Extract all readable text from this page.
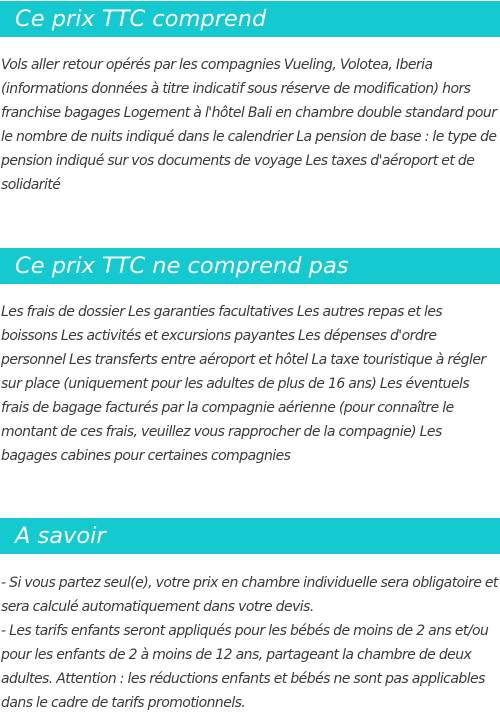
Ce prix TTC comprend

Vols aller retour opérés par les compagnies Vueling, Volotea, Iberia (informations données à titre indicatif sous réserve de modification) hors franchise bagages Logement à l'hôtel Bali en chambre double standard pour le nombre de nuits indiqué dans le calendrier La pension de base : le type de pension indiqué sur vos documents de voyage Les taxes d'aéroport et de solidarité

Ce prix TTC ne comprend pas

Les frais de dossier Les garanties facultatives Les autres repas et les boissons Les activités et excursions payantes Les dépenses d'ordre personnel Les transferts entre aéroport et hôtel La taxe touristique à régler sur place (uniquement pour les adultes de plus de 16 ans) Les éventuels frais de bagage facturés par la compagnie aérienne (pour connaître le montant de ces frais, veuillez vous rapprocher de la compagnie) Les bagages cabines pour certaines compagnies

A savoir

- Si vous partez seul(e), votre prix en chambre individuelle sera obligatoire et sera calculé automatiquement dans votre devis.

- Les tarifs enfants seront appliqués pour les bébés de moins de 2 ans et/ou pour les enfants de 2 à moins de 12 ans, partageant la chambre de deux adultes. Attention : les réductions enfants et bébés ne sont pas applicables dans le cadre de tarifs promotionnels.
